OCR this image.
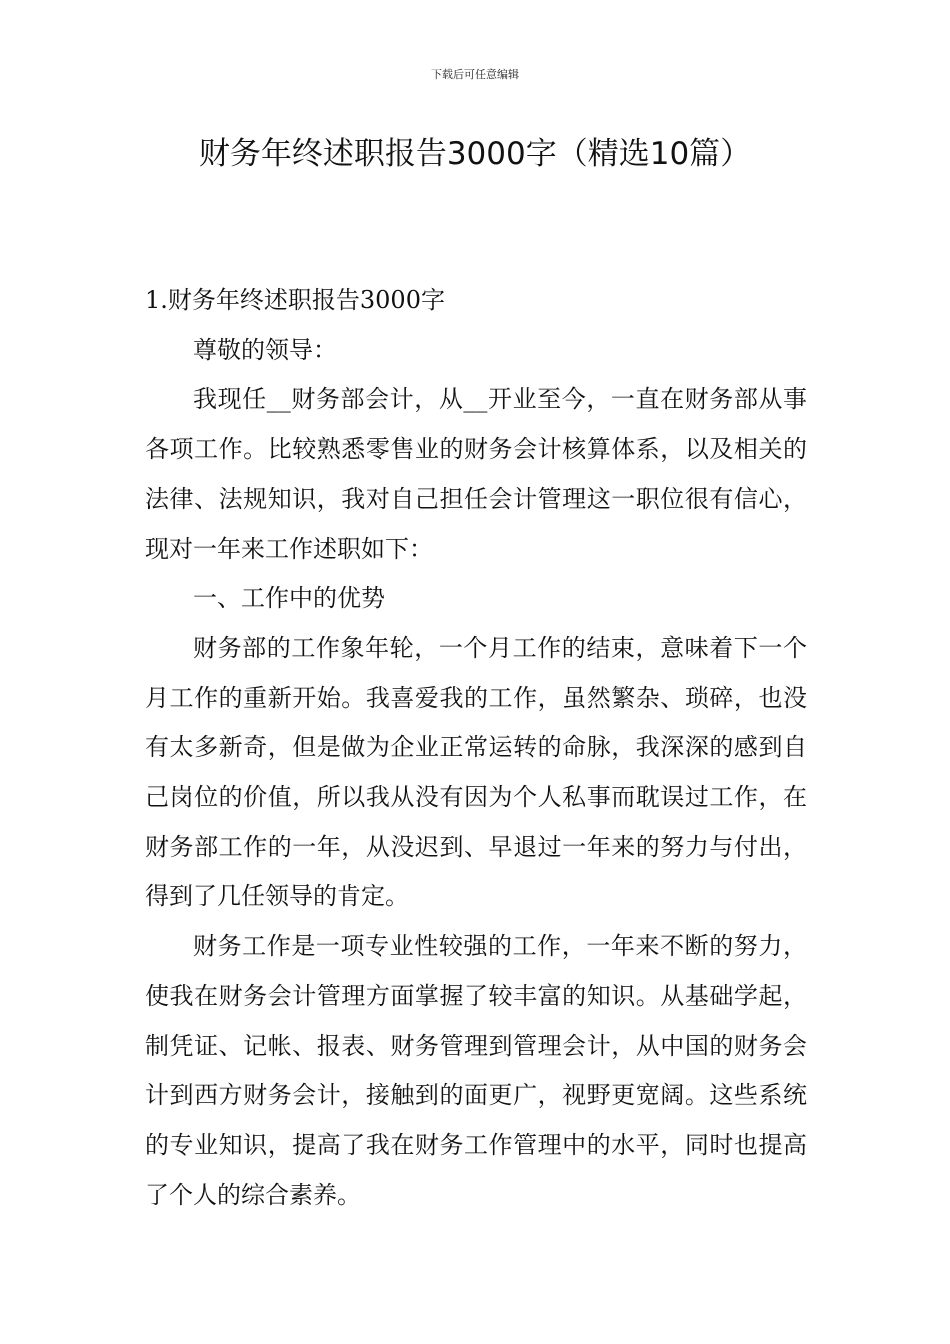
下载后可任意编辑
财务年终述职报告3000字（精选10篇）

1.财务年终述职报告3000字

尊敬的领导：

我现任__财务部会计，从__开业至今，一直在财务部从事各项工作。比较熟悉零售业的财务会计核算体系，以及相关的法律、法规知识，我对自己担任会计管理这一职位很有信心，现对一年来工作述职如下：

一、工作中的优势

财务部的工作象年轮，一个月工作的结束，意味着下一个月工作的重新开始。我喜爱我的工作，虽然繁杂、琐碎，也没有太多新奇，但是做为企业正常运转的命脉，我深深的感到自己岗位的价值，所以我从没有因为个人私事而耽误过工作，在财务部工作的一年，从没迟到、早退过一年来的努力与付出，得到了几任领导的肯定。

财务工作是一项专业性较强的工作，一年来不断的努力，使我在财务会计管理方面掌握了较丰富的知识。从基础学起，制凭证、记帐、报表、财务管理到管理会计，从中国的财务会计到西方财务会计，接触到的面更广，视野更宽阔。这些系统的专业知识，提高了我在财务工作管理中的水平，同时也提高了个人的综合素养。
